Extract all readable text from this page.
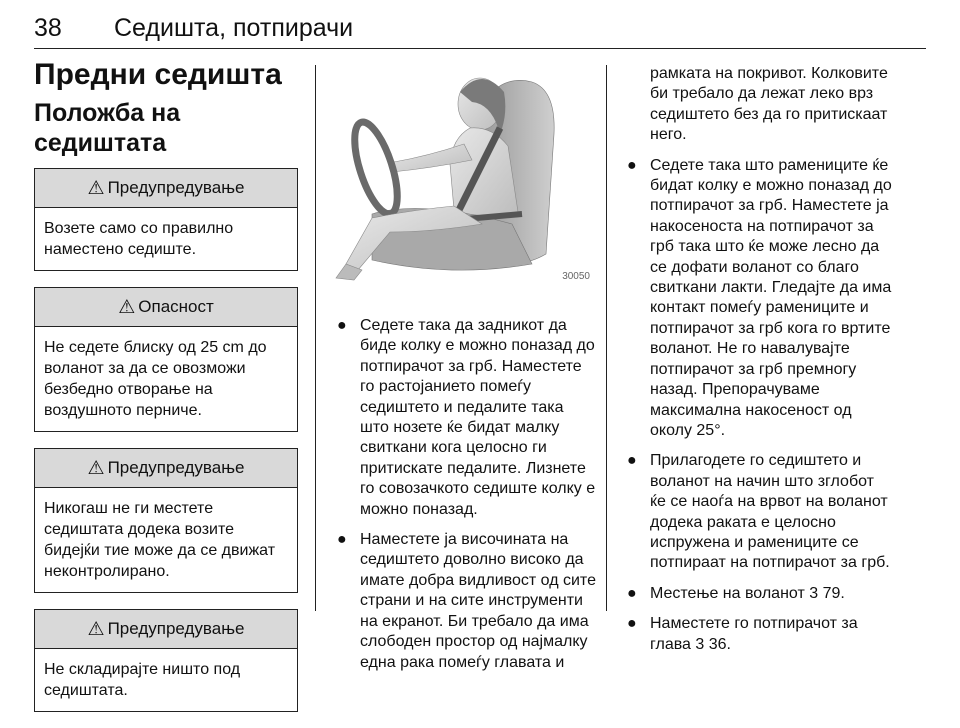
38 Седишта, потпирачи
Предни седишта
Положба на седиштата
⚠ Предупредување
Возете само со правилно наместено седиште.
⚠ Опасност
Не седете блиску од 25 cm до воланот за да се овозможи безбедно отворање на воздушното перниче.
⚠ Предупредување
Никогаш не ги местете седиштата додека возите бидејќи тие може да се движат неконтролирано.
⚠ Предупредување
Не складирајте ништо под седиштата.
30050
● Седете така да задникот да биде колку е можно поназад до потпирачот за грб. Наместете го растојанието помеѓу седиштето и педалите така што нозете ќе бидат малку свиткани кога целосно ги притискате педалите. Лизнете го совозачкото седиште колку е можно поназад.
● Наместете ја височината на седиштето доволно високо да имате добра видливост од сите страни и на сите инструменти на екранот. Би требало да има слободен простор од најмалку една рака помеѓу главата и
рамката на покривот. Колковите би требало да лежат леко врз седиштето без да го притискаат него.
● Седете така што рамениците ќе бидат колку е можно поназад до потпирачот за грб. Наместете ја накосеноста на потпирачот за грб така што ќе може лесно да се дофати воланот со благо свиткани лакти. Гледајте да има контакт помеѓу рамениците и потпирачот за грб кога го вртите воланот. Не го навалувајте потпирачот за грб премногу назад. Препорачуваме максимална накосеност од околу 25°.
● Прилагодете го седиштето и воланот на начин што зглобот ќе се наоѓа на врвот на воланот додека раката е целосно испружена и рамениците се потпираат на потпирачот за грб.
● Местење на воланот 3 79.
● Наместете го потпирачот за глава 3 36.
